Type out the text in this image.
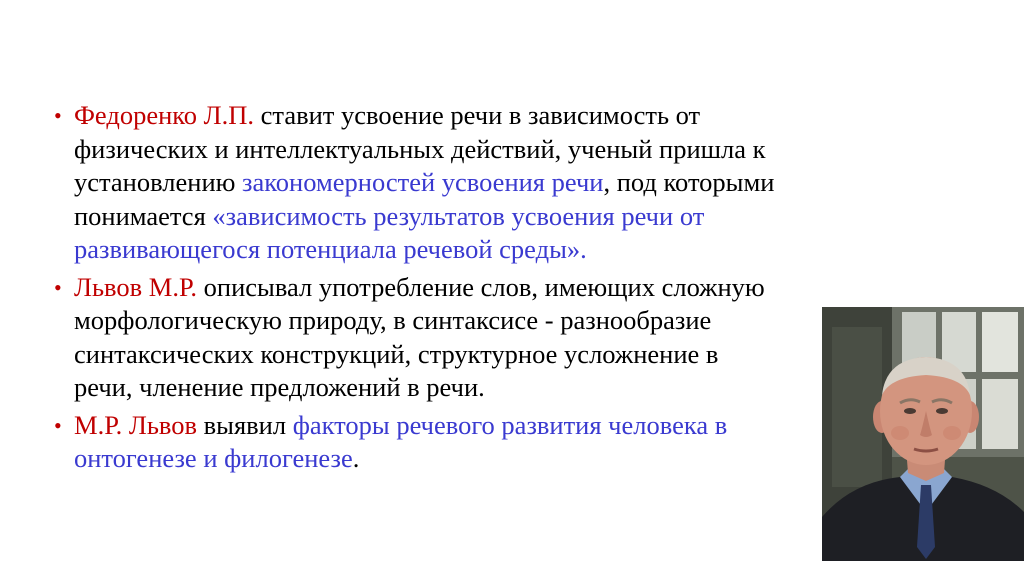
• Федоренко Л.П. ставит усвоение речи в зависимость от физических и интеллектуальных действий, ученый пришла к установлению закономерностей усвоения речи, под которыми понимается «зависимость результатов усвоения речи от развивающегося потенциала речевой среды».
• Львов М.Р. описывал употребление слов, имеющих сложную морфологическую природу, в синтаксисе - разнообразие синтаксических конструкций, структурное усложнение в речи, членение предложений в речи.
• М.Р. Львов выявил факторы речевого развития человека в онтогенезе и филогенезе.
